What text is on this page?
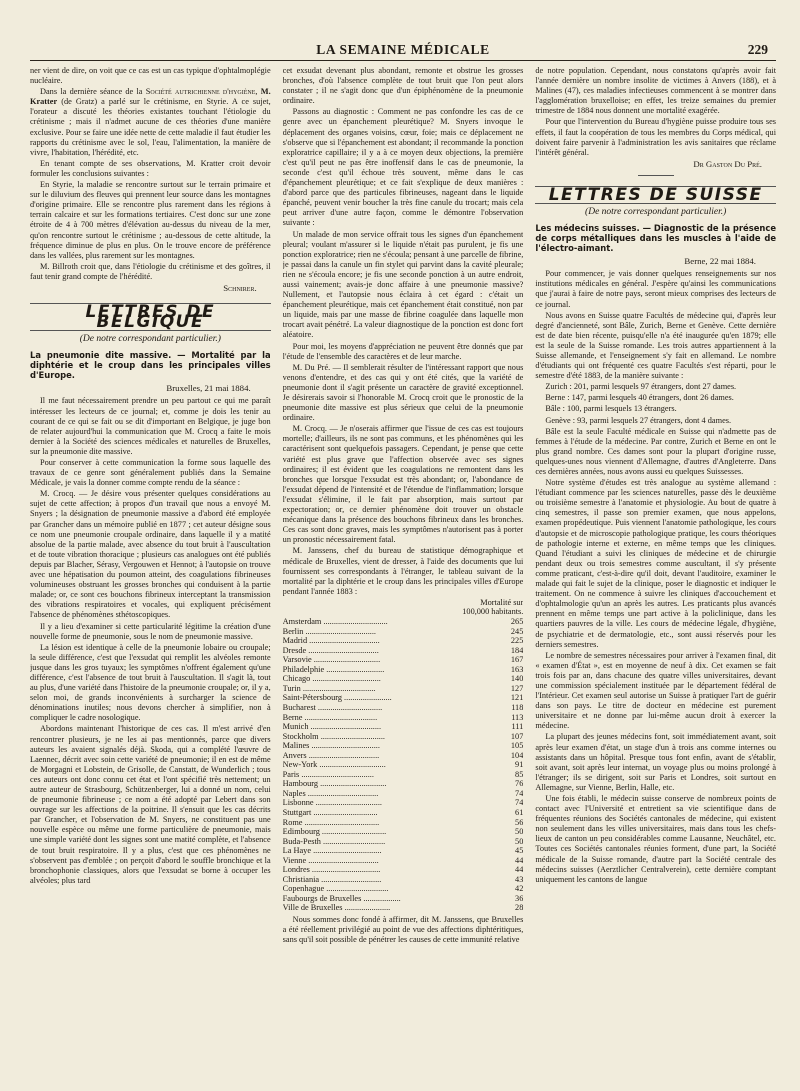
LA SEMAINE MÉDICALE	229

ner vient de dire, on voit que ce cas est un cas typique d'ophtalmoplégie nucléaire.

Dans la dernière séance de la Société autrichienne d'hygiène, M. Kratter (de Gratz) a parlé sur le crétinisme, en Styrie. A ce sujet, l'orateur a discuté les théories existantes touchant l'étiologie du crétinisme ; mais il n'admet aucune de ces théories d'une manière exclusive. Pour se faire une idée nette de cette maladie il faut étudier les rapports du crétinisme avec le sol, l'eau, l'alimentation, la manière de vivre, l'habitation, l'hérédité, etc.

En tenant compte de ses observations, M. Kratter croit devoir formuler les conclusions suivantes :

En Styrie, la maladie se rencontre surtout sur le terrain primaire et sur le diluvium des fleuves qui prennent leur source dans les montagnes d'origine primaire. Elle se rencontre plus rarement dans les régions à terrain calcaire et sur les formations tertiaires. C'est donc sur une zone étroite de 4 à 700 mètres d'élévation au-dessus du niveau de la mer, qu'on rencontre surtout le crétinisme ; au-dessous de cette altitude, la fréquence diminue de plus en plus. On le trouve encore de préférence dans les vallées, plus rarement sur les montagnes.

M. Billroth croit que, dans l'étiologie du crétinisme et des goîtres, il faut tenir grand compte de l'hérédité.

Schnirer.
LETTRES DE BELGIQUE
(De notre correspondant particulier.)
La pneumonie dite massive. — Mortalité par la diphtérie et le croup dans les principales villes d'Europe.
Bruxelles, 21 mai 1884.

Il me faut nécessairement prendre un peu partout ce qui me paraît intéresser les lecteurs de ce journal; et, comme je dois les tenir au courant de ce qui se fait ou se dit d'important en Belgique, je juge bon de relater aujourd'hui la communication que M. Crocq a faite le mois dernier à la Société des sciences médicales et naturelles de Bruxelles, sur la pneumonie dite massive.

Pour conserver à cette communication la forme sous laquelle des travaux de ce genre sont généralement publiés dans la Semaine Médicale, je vais la donner comme compte rendu de la séance :

M. Crocq. — Je désire vous présenter quelques considérations au sujet de cette affection; à propos d'un travail que nous a envoyé M. Snyers ; la désignation de pneumonie massive a d'abord été employée par Grancher dans un mémoire publié en 1877 ; cet auteur désigne sous ce nom une pneumonie croupale ordinaire, dans laquelle il y a matité absolue de la partie malade, avec absence du tout bruit à l'auscultation et de toute vibration thoracique ; plusieurs cas analogues ont été publiés depuis par Blacher, Sérasy, Vergouwen et Hennot; à l'autopsie on trouve avec une hépatisation du poumon atteint, des coagulations fibrineuses volumineuses obstruant les grosses bronches qui conduisent à la partie malade; or, ce sont ces bouchons fibrineux interceptant la transmission des vibrations respiratoires et vocales, qui expliquent précisément l'absence de phénomènes sthétoscopiques.

Il y a lieu d'examiner si cette particularité légitime la création d'une nouvelle forme de pneumonie, sous le nom de pneumonie massive.

La lésion est identique à celle de la pneumonie lobaire ou croupale; la seule différence, c'est que l'exsudat qui remplit les alvéoles remonte jusque dans les gros tuyaux; les symptômes n'offrent également qu'une différence, c'est l'absence de tout bruit à l'auscultation. Il s'agit là, tout au plus, d'une variété dans l'histoire de la pneumonie croupale; or, il y a, selon moi, de grands inconvénients à surcharger la science de dénominations inutiles; nous devons chercher à simplifier, non à compliquer le cadre nosologique.

Abordons maintenant l'historique de ces cas. Il m'est arrivé d'en rencontrer plusieurs, je ne les ai pas mentionnés, parce que divers auteurs les avaient signalés déjà. Skoda, qui a complété l'œuvre de Laennec, décrit avec soin cette variété de pneumonie; il en est de même de Morgagni et Lobstein, de Grisolle, de Canstatt, de Wunderlich ; tous ces auteurs ont donc connu cet état et l'ont spécifié très nettement; un autre auteur de Strasbourg, Schützenberger, lui a donné un nom, celui de pneumonie fibrineuse ; ce nom a été adopté par Lebert dans son ouvrage sur les affections de la poitrine. Il s'ensuit que les cas décrits par Grancher, et l'observation de M. Snyers, ne constituent pas une nouvelle espèce ou même une forme particulière de pneumonie, mais une simple variété dont les signes sont une matité complète, et l'absence de tout bruit respiratoire. Il y a plus, c'est que ces phénomènes ne s'observent pas d'emblée ; on perçoit d'abord le souffle bronchique et la bronchophonie classiques, alors que l'exsudat se borne à occuper les alvéoles; plus tard

cet exsudat devenant plus abondant, remonte et obstrue les grosses bronches, d'où l'absence complète de tout bruit que l'on peut alors constater ; il ne s'agit donc que d'un épiphénomène de la pneumonie ordinaire.

Passons au diagnostic : Comment ne pas confondre les cas de ce genre avec un épanchement pleurétique? M. Snyers invoque le déplacement des organes voisins, cœur, foie; mais ce déplacement ne s'observe que si l'épanchement est abondant; il recommande la ponction exploratrice capillaire; il y a à ce moyen deux objections, la première c'est qu'il peut ne pas être inoffensif dans le cas de pneumonie, la seconde c'est qu'il échoue très souvent, même dans le cas d'épanchement pleurétique; et ce fait s'explique de deux manières : d'abord parce que des particules fibrineuses, nageant dans le liquide épanché, peuvent venir boucher la très fine canule du trocart; mais cela peut arriver d'une autre façon, comme le démontre l'observation suivante :

Un malade de mon service offrait tous les signes d'un épanchement pleural; voulant m'assurer si le liquide n'était pas purulent, je fis une ponction exploratrice; rien ne s'écoula; pensant à une parcelle de fibrine, je passai dans la canule un fin stylet qui parvint dans la cavité pleurale; rien ne s'écoula encore; je fis une seconde ponction à un autre endroit, aussi vainement; avais-je donc affaire à une pneumonie massive? Nullement, et l'autopsie nous éclaira à cet égard : c'était un épanchement pleurétique, mais cet épanchement était constitué, non par un liquide, mais par une masse de fibrine coagulée dans laquelle mon trocart avait pénétré. La valeur diagnostique de la ponction est donc fort aléatoire.

Pour moi, les moyens d'appréciation ne peuvent être donnés que par l'étude de l'ensemble des caractères et de leur marche.

M. Du Pré. — Il semblerait résulter de l'intéressant rapport que nous venons d'entendre, et des cas qui y ont été cités, que la variété de pneumonie dont il s'agit présente un caractère de gravité exceptionnel. Je désirerais savoir si l'honorable M. Crocq croit que le pronostic de la pneumonie dite massive est plus sérieux que celui de la pneumonie ordinaire.

M. Crocq. — Je n'oserais affirmer que l'issue de ces cas est toujours mortelle; d'ailleurs, ils ne sont pas communs, et les phénomènes qui les caractérisent sont quelquefois passagers. Cependant, je pense que cette variété est plus grave que l'affection observée avec ses signes ordinaires; il est évident que les coagulations ne remontent dans les bronches que lorsque l'exsudat est très abondant; or, l'abondance de l'exsudat dépend de l'intensité et de l'étendue de l'inflammation; lorsque l'exsudat s'élimine, il le fait par absorption, mais surtout par expectoration; or, ce dernier phénomène doit trouver un obstacle mécanique dans la présence des bouchons fibrineux dans les bronches. Ces cas sont donc graves, mais les symptômes n'autorisent pas à porter un pronostic nécessairement fatal.

M. Janssens, chef du bureau de statistique démographique et médicale de Bruxelles, vient de dresser, à l'aide des documents que lui fournissent ses correspondants à l'étranger, le tableau suivant de la mortalité par la diphtérie et le croup dans les principales villes d'Europe pendant l'année 1883 :

Mortalité sur
100,000 habitants.
Amsterdam ...............................	265
Berlin ..................................	245
Madrid ..................................	225
Dresde ..................................	184
Varsovie ................................	167
Philadelphie ............................	163
Chicago .................................	140
Turin ...................................	127
Saint-Pétersbourg .......................	121
Bucharest ...............................	118
Berne ...................................	113
Munich ..................................	111
Stockholm ...............................	107
Malines .................................	105
Anvers ..................................	104
New-York ................................	91
Paris ...................................	85
Hambourg ................................	76
Naples ..................................	74
Lisbonne ................................	74
Stuttgart ...............................	61
Rome ....................................	56
Edimbourg ...............................	50
Buda-Pesth ..............................	50
La Haye .................................	45
Vienne ..................................	44
Londres .................................	44
Christiania .............................	43
Copenhague ..............................	42
Faubourgs de Bruxelles ..................	36
Ville de Bruxelles ......................	28

Nous sommes donc fondé à affirmer, dit M. Janssens, que Bruxelles a été réellement privilégié au point de vue des affections diphtéritiques, sans qu'il soit possible de pénétrer les causes de cette immunité relative

de notre population. Cependant, nous constatons qu'après avoir fait l'année dernière un nombre insolite de victimes à Anvers (188), et à Malines (47), ces maladies infectieuses commencent à se montrer dans l'agglomération bruxelloise; en effet, les treize semaines du premier trimestre de 1884 nous donnent une mortalité exagérée.

Pour que l'intervention du Bureau d'hygiène puisse produire tous ses effets, il faut la coopération de tous les membres du Corps médical, qui doivent faire parvenir à l'administration les avis sanitaires que réclame l'intérêt général.

Dr Gaston Du Pré.
LETTRES DE SUISSE
(De notre correspondant particulier.)
Les médecins suisses. — Diagnostic de la présence de corps métalliques dans les muscles à l'aide de l'électro-aimant.
Berne, 22 mai 1884.

Pour commencer, je vais donner quelques renseignements sur nos institutions médicales en général. J'espère qu'ainsi les communications que j'aurai à faire de notre pays, seront mieux comprises des lecteurs de ce journal.

Nous avons en Suisse quatre Facultés de médecine qui, d'après leur degré d'ancienneté, sont Bâle, Zurich, Berne et Genève. Cette dernière est de date bien récente, puisqu'elle n'a été inaugurée qu'en 1879; elle est la seule de la Suisse romande. Les trois autres appartiennent à la Suisse allemande, et l'enseignement s'y fait en allemand. Le nombre d'étudiants qui ont fréquenté ces quatre Facultés s'est réparti, pour le semestre d'été 1883, de la manière suivante :

Zurich : 201, parmi lesquels 97 étrangers, dont 27 dames.

Berne : 147, parmi lesquels 40 étrangers, dont 26 dames.

Bâle : 100, parmi lesquels 13 étrangers.

Genève : 93, parmi lesquels 27 étrangers, dont 4 dames.

Bâle est la seule Faculté médicale en Suisse qui n'admette pas de femmes à l'étude de la médecine. Par contre, Zurich et Berne en ont le plus grand nombre. Ces dames sont pour la plupart d'origine russe, quelques-unes nous viennent d'Allemagne, d'autres d'Angleterre. Dans ces dernières années, nous avons aussi eu quelques Suissesses.

Notre système d'études est très analogue au système allemand : l'étudiant commence par les sciences naturelles, passe dès le deuxième ou troisième semestre à l'anatomie et physiologie. Au bout de quatre à cinq semestres, il passe son premier examen, que nous appelons, examen propédeutique. Puis viennent l'anatomie pathologique, les cours d'autopsie et de microscopie pathologique pratique, les cours théoriques de pathologie interne et externe, en même temps que les cliniques. Quand l'étudiant a suivi les cliniques de médecine et de chirurgie pendant deux ou trois semestres comme auscultant, il s'y présente comme praticant, c'est-à-dire qu'il doit, devant l'auditoire, examiner le malade qui fait le sujet de la clinique, poser le diagnostic et indiquer le traitement. On ne commence à suivre les cliniques d'accouchement et d'ophtalmologie qu'un an après les autres. Les praticants plus avancés prennent en même temps une part active à la policlinique, dans les quartiers pauvres de la ville. Les cours de médecine légale, d'hygiène, de psychiatrie et de dermatologie, etc., sont aussi réservés pour les derniers semestres.

Le nombre de semestres nécessaires pour arriver à l'examen final, dit « examen d'État », est en moyenne de neuf à dix. Cet examen se fait trois fois par an, dans chacune des quatre villes universitaires, devant une commission spécialement instituée par le département fédéral de l'Intérieur. Cet examen seul autorise un Suisse à pratiquer l'art de guérir dans son pays. Le titre de docteur en médecine est purement universitaire et ne donne par lui-même aucun droit à exercer la médecine.

La plupart des jeunes médecins font, soit immédiatement avant, soit après leur examen d'état, un stage d'un à trois ans comme internes ou assistants dans un hôpital. Presque tous font enfin, avant de s'établir, soit avant, soit après leur internat, un voyage plus ou moins prolongé à l'étranger; ils se dirigent, soit sur Paris et Londres, soit surtout en Allemagne, sur Vienne, Berlin, Halle, etc.

Une fois établi, le médecin suisse conserve de nombreux points de contact avec l'Université et entretient sa vie scientifique dans de fréquentes réunions des Sociétés cantonales de médecine, qui existent non seulement dans les villes universitaires, mais dans tous les chefs-lieux de canton un peu considérables comme Lausanne, Neuchâtel, etc. Toutes ces Sociétés cantonales réunies forment, d'une part, la Société médicale de la Suisse romande, d'autre part la Société centrale des médecins suisses (Aerztlicher Centralverein), cette dernière comptant uniquement les cantons de langue
